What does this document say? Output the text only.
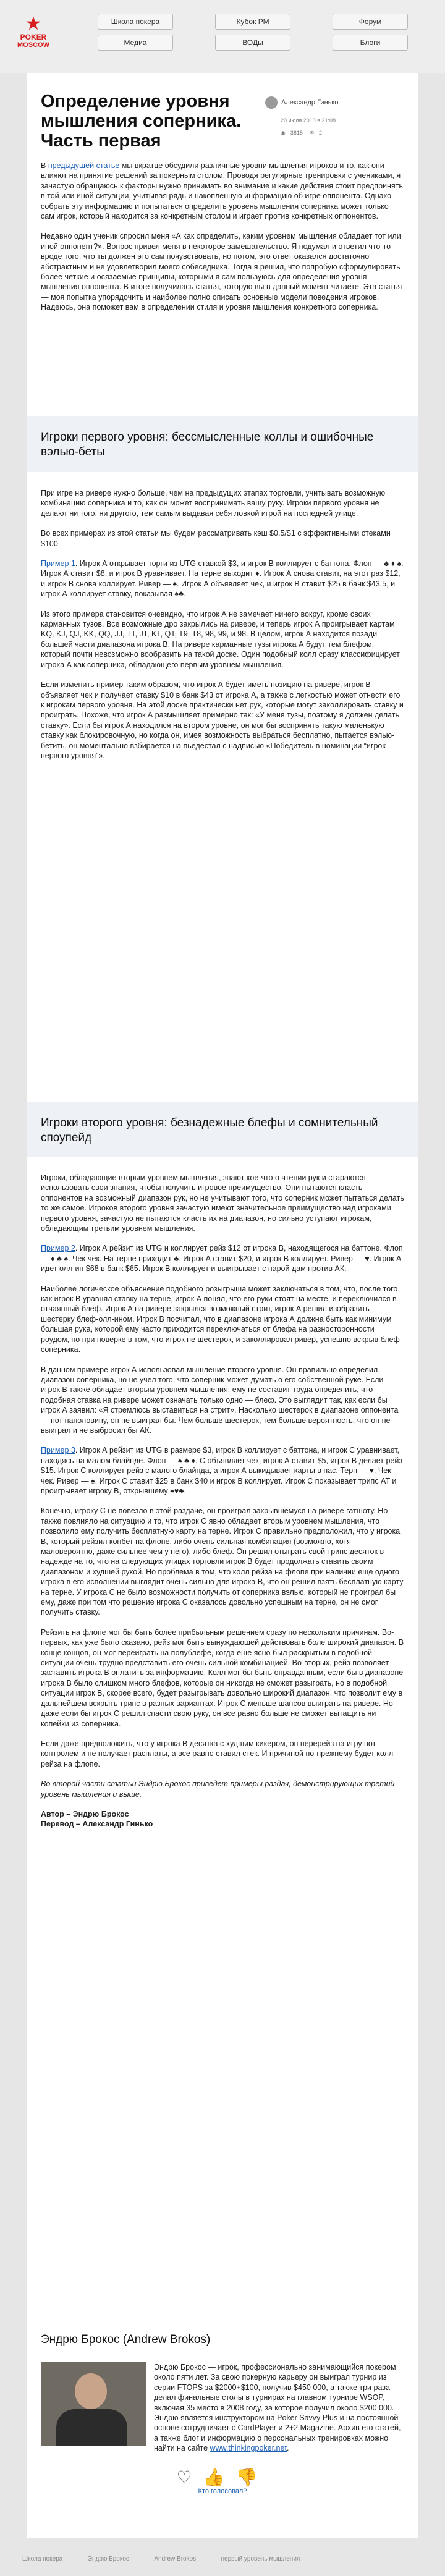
★
POKER
MOSCOW
Школа покера	Кубок РМ	Форум
Медиа	ВОДы	Блоги
Определение уровня мышления соперника. Часть первая
Александр Гинько
20 июля 2010 в 21:08
◉ 3818 ✉ 2

В предыдущей статье мы вкратце обсудили различные уровни мышления игроков и то, как они влияют на принятие решений за покерным столом. Проводя регулярные тренировки с учениками, я зачастую обращаюсь к факторы нужно принимать во внимание и какие действия стоит предпринять в той или иной ситуации, учитывая рядь и накопленную информацию об игре оппонента. Однако собрать эту информацию и попытаться определить уровень мышления соперника может только сам игрок, который находится за конкретным столом и играет против конкретных оппонентов.

Недавно один ученик спросил меня «А как определить, каким уровнем мышления обладает тот или иной оппонент?». Вопрос привел меня в некоторое замешательство. Я подумал и ответил что-то вроде того, что ты должен это сам почувствовать, но потом, это ответ оказался достаточно абстрактным и не удовлетворил моего собеседника. Тогда я решил, что попробую сформулировать более четкие и осязаемые принципы, которыми я сам пользуюсь для определения уровня мышления оппонента. В итоге получилась статья, которую вы в данный момент читаете. Эта статья — моя попытка упорядочить и наиболее полно описать основные модели поведения игроков. Надеюсь, она поможет вам в определении стиля и уровня мышления конкретного соперника.

Игроки первого уровня: бессмысленные коллы и ошибочные вэлью-беты

При игре на ривере нужно больше, чем на предыдущих этапах торговли, учитывать возможную комбинацию соперника и то, как он может воспринимать вашу руку. Игроки первого уровня не делают ни того, ни другого, тем самым выдавая себя ловкой игрой на последней улице.

Во всех примерах из этой статьи мы будем рассматривать кэш $0.5/$1 с эффективными стеками $100.

Пример 1. Игрок А открывает торги из UTG ставкой $3, и игрок В коллирует с баттона. Флоп — ♣ ♦ ♠. Игрок А ставит $8, и игрок В уравнивает. На терне выходит ♦. Игрок А снова ставит, на этот раз $12, и игрок В снова коллирует. Ривер — ♠. Игрок А объявляет чек, и игрок В ставит $25 в банк $43,5, и игрок А коллирует ставку, показывая ♠♣.

Из этого примера становится очевидно, что игрок А не замечает ничего вокруг, кроме своих карманных тузов. Все возможные дро закрылись на ривере, и теперь игрок А проигрывает картам KQ, KJ, QJ, KK, QQ, JJ, TT, JT, KT, QT, T9, T8, 98, 99, и 98. В целом, игрок А находится позади большей части диапазона игрока В. На ривере карманные тузы игрока А будут тем блефом, который почти невозможно вообразить на такой доске. Один подобный колл сразу классифицирует игрока А как соперника, обладающего первым уровнем мышления.

Если изменить пример таким образом, что игрок А будет иметь позицию на ривере, игрок В объявляет чек и получает ставку $10 в банк $43 от игрока А, а также с легкостью может отнести его к игрокам первого уровня. На этой доске практически нет рук, которые могут заколлировать ставку и проиграть. Похоже, что игрок А размышляет примерно так: «У меня тузы, поэтому я должен делать ставку». Если бы игрок А находился на втором уровне, он мог бы воспринять такую маленькую ставку как блокировочную, но когда он, имея возможность выбраться бесплатно, пытается вэлью-бетить, он моментально взбирается на пьедестал с надписью «Победитель в номинации “игрок первого уровня”».

Игроки второго уровня: безнадежные блефы и сомнительный споупейд

Игроки, обладающие вторым уровнем мышления, знают кое-что о чтении рук и стараются использовать свои знания, чтобы получить игровое преимущество. Они пытаются класть оппонентов на возможный диапазон рук, но не учитывают того, что соперник может пытаться делать то же самое. Игроков второго уровня зачастую имеют значительное преимущество над игроками первого уровня, зачастую не пытаются класть их на диапазон, но сильно уступают игрокам, обладающим третьим уровнем мышления.

Пример 2. Игрок А рейзит из UTG и коллирует рейз $12 от игрока В, находящегося на баттоне. Флоп — ♦ ♣ ♠. Чек-чек. На терне приходит ♣. Игрок А ставит $20, и игрок В коллирует. Ривер — ♥. Игрок А идет олл-ин $68 в банк $65. Игрок В коллирует и выигрывает с парой дам против АК.

Наиболее логическое объяснение подобного розыгрыша может заключаться в том, что, после того как игрок В уравнял ставку на терне, игрок А понял, что его руки стоят на месте, и переключился в отчаянный блеф. Игрок А на ривере закрылся возможный стрит, игрок А решил изобразить шестерку блеф-олл-ином. Игрок В посчитал, что в диапазоне игрока А должна быть как минимум большая рука, которой ему часто приходится переключаться от блефа на разносторонности роудом, но при поверке в том, что игрок не шестерок, и заколлировал ривер, успешно вскрыв блеф соперника.

В данном примере игрок А использовал мышление второго уровня. Он правильно определил диапазон соперника, но не учел того, что соперник может думать о его собственной руке. Если игрок В также обладает вторым уровнем мышления, ему не составит труда определить, что подобная ставка на ривере может означать только одно — блеф. Это выглядит так, как если бы игрок А заявил: «Я стремлюсь выставиться на стрит». Насколько шестерок в диапазоне оппонента — пот наполовину, он не выиграл бы. Чем больше шестерок, тем больше вероятность, что он не выиграл и не выбросил бы АК.

Пример 3. Игрок А рейзит из UTG в размере $3, игрок В коллирует с баттона, и игрок С уравнивает, находясь на малом блайнде. Флоп — ♠ ♣ ♦. С объявляет чек, игрок А ставит $5, игрок В делает рейз $15. Игрок С коллирует рейз с малого блайнда, а игрок А выкидывает карты в пас. Терн — ♥. Чек-чек. Ривер — ♠. Игрок С ставит $25 в банк $40 и игрок В коллирует. Игрок С показывает трипс AT и проигрывает игроку B, открывшему ♠♥♣.

Конечно, игроку С не повезло в этой раздаче, он проиграл закрывшемуся на ривере гатшоту. Но также повлияло на ситуацию и то, что игрок С явно обладает вторым уровнем мышления, что позволило ему получить бесплатную карту на терне. Игрок С правильно предположил, что у игрока В, который рейзил конбет на флопе, либо очень сильная комбинация (возможно, хотя маловероятно, даже сильнее чем у него), либо блеф. Он решил отыграть свой трипс десяток в надежде на то, что на следующих улицах торговли игрок В будет продолжать ставить своим диапазоном и худшей рукой. Но проблема в том, что колл рейза на флопе при наличии еще одного игрока в его исполнении выглядит очень сильно для игрока В, что он решил взять бесплатную карту на терне. У игрока С не было возможности получить от соперника вэлью, который не проиграл бы ему, даже при том что решение игрока С оказалось довольно успешным на терне, он не смог получить ставку.

Рейзить на флопе мог бы быть более прибыльным решением сразу по нескольким причинам. Во-первых, как уже было сказано, рейз мог быть вынуждающей действовать боле широкий диапазон. В конце концов, он мог переиграть на полублефе, когда еще ясно был раскрытым в подобной ситуации очень трудно представить его очень сильной комбинацией. Во-вторых, рейз позволяет заставить игрока В оплатить за информацию. Колл мог бы быть оправданным, если бы в диапазоне игрока В было слишком много блефов, которые он никогда не сможет разыграть, но в подобной ситуации игрок В, скорее всего, будет разыгрывать довольно широкий диапазон, что позволит ему в дальнейшем вскрыть трипс в разных вариантах. Игрок С меньше шансов выиграть на ривере. Но даже если бы игрок С решил спасти свою руку, он все равно больше не сможет вытащить ни копейки из соперника.

Если даже предположить, что у игрока В десятка с худшим кикером, он перерейз на игру пот-контролем и не получает расплаты, а все равно ставил стек. И причиной по-прежнему будет колл рейза на флопе.

Во второй части статьи Эндрю Брокос приведет примеры раздач, демонстрирующих третий уровень мышления и выше.

Автор – Эндрю Брокос

Перевод – Александр Гинько

Эндрю Брокос (Andrew Brokos)
Эндрю Брокос — игрок, профессионально занимающийся покером около пяти лет. За свою покерную карьеру он выиграл турнир из серии FTOPS за $2000+$100, получив $450 000, а также три раза делал финальные столы в турнирах на главном турнире WSOP, включая 35 место в 2008 году, за которое получил около $200 000. Эндрю является инструктором на Poker Savvy Plus и на постоянной основе сотрудничает с CardPlayer и 2+2 Magazine. Архив его статей, а также блог и информацию о персональных тренировках можно найти на сайте www.thinkingpoker.net.
♡👍👎
Кто голосовал?
Школа покера	Эндрю Брокос	Andrew Brokos	первый уровень мышления
